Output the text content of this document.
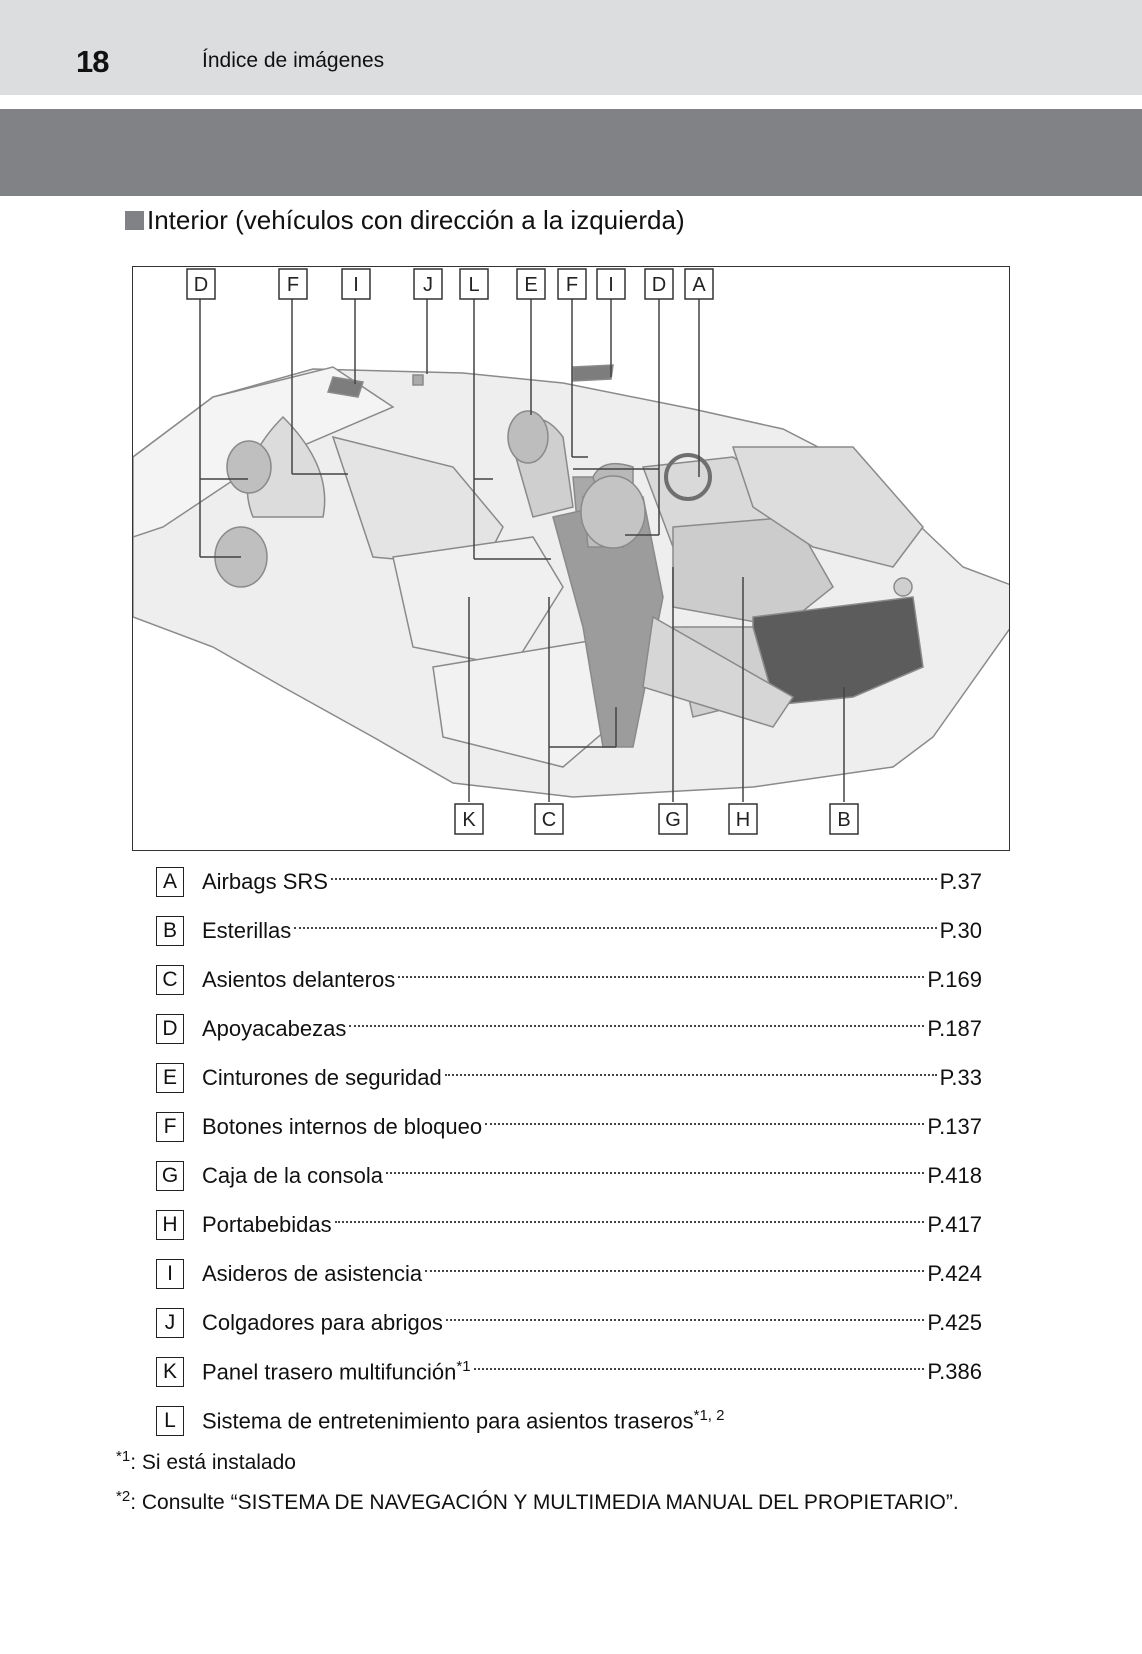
18	Índice de imágenes
Interior (vehículos con dirección a la izquierda)
D	F	I	J L E F I D A
K	C	G	H	B
A	Airbags SRS	P.37
B	Esterillas	P.30
C Asientos delanteros	P.169
D Apoyacabezas	P.187
E	Cinturones de seguridad	P.33
F	Botones internos de bloqueo	P.137
G Caja de la consola	P.418
H Portabebidas	P.417
I	Asideros de asistencia	P.424
J	Colgadores para abrigos	P.425
K	Panel trasero multifunción$^{*1}$	P.386
L	Sistema de entretenimiento para asientos traseros$^{*1, 2}$
$^{*1}$: Si está instalado
$^{*2}$: Consulte “SISTEMA DE NAVEGACIÓN Y MULTIMEDIA MANUAL DEL PROPIETARIO”.
